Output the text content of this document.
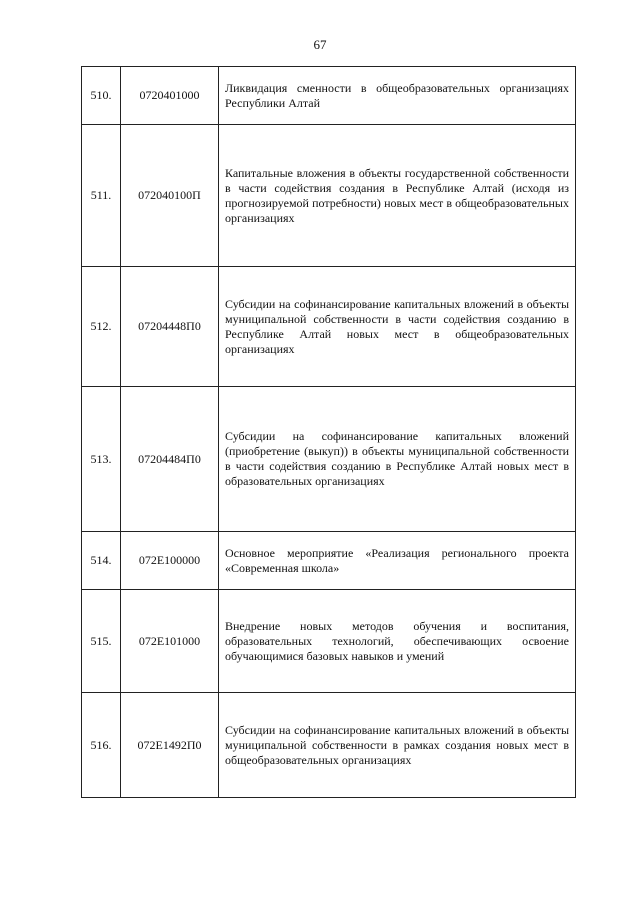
67
510.	0720401000	Ликвидация сменности в общеобразовательных организациях Республики Алтай

511.	072040100П	Капитальные вложения в объекты государственной собственности в части содействия создания в Республике Алтай (исходя из прогнозируемой потребности) новых мест в общеобразовательных организациях

512.	07204448П0	Субсидии на софинансирование капитальных вложений в объекты муниципальной собственности в части содействия созданию в Республике Алтай новых мест в общеобразовательных организациях

513.	07204484П0	Субсидии на софинансирование капитальных вложений (приобретение (выкуп)) в объекты муниципальной собственности в части содействия созданию в Республике Алтай новых мест в образовательных организациях

514.	072Е100000	Основное мероприятие «Реализация регионального проекта «Современная школа»

515.	072Е101000	Внедрение новых методов обучения и воспитания, образовательных технологий, обеспечивающих освоение обучающимися базовых навыков и умений

516.	072Е1492П0	Субсидии на софинансирование капитальных вложений в объекты муниципальной собственности в рамках создания новых мест в общеобразовательных организациях
